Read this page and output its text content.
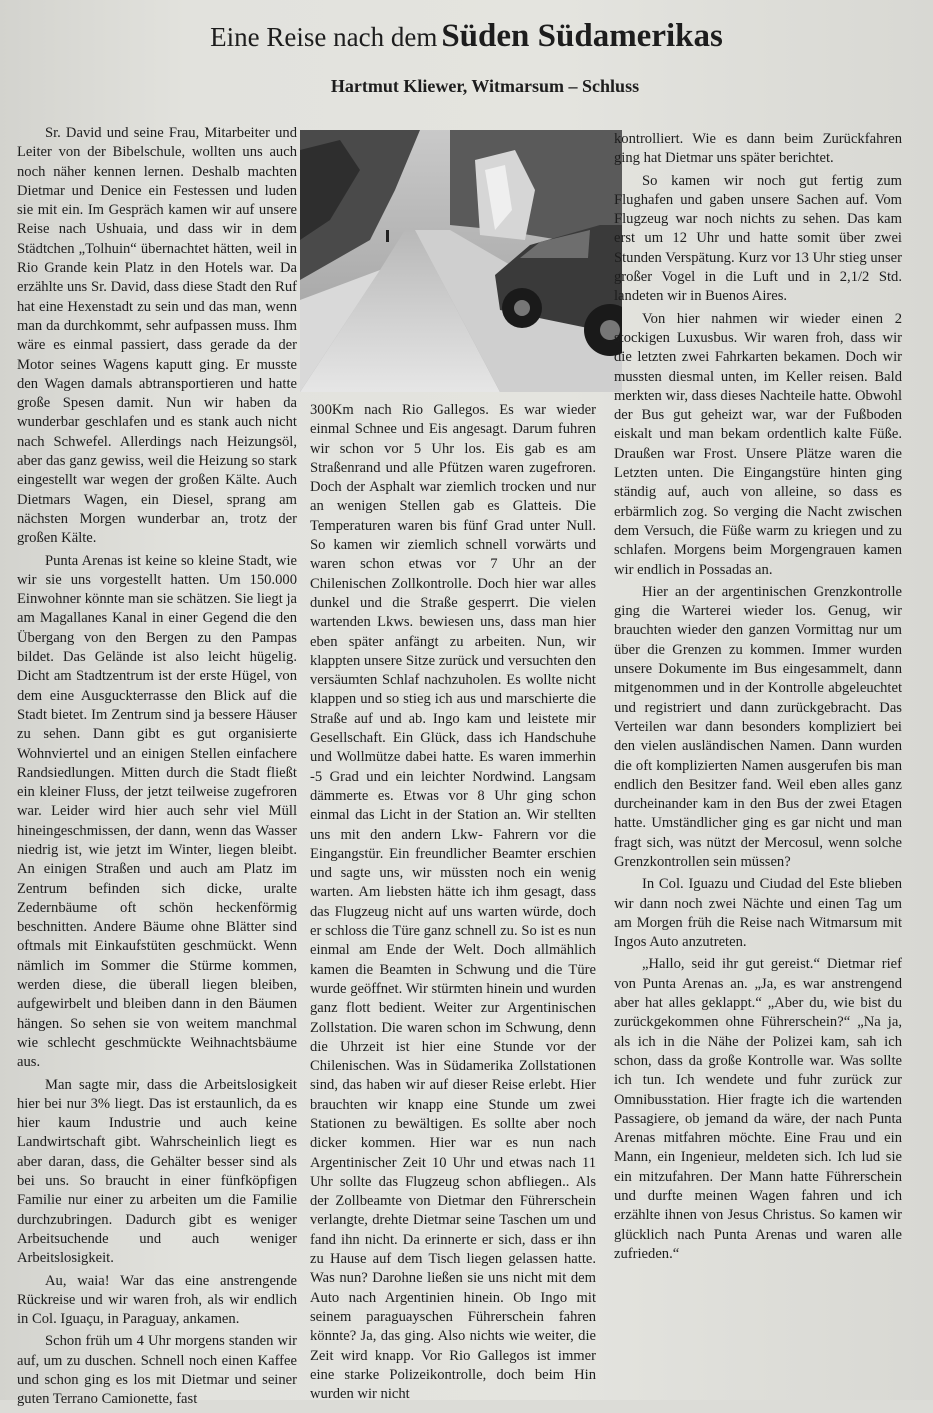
Eine Reise nach dem Süden Südamerikas
Hartmut Kliewer, Witmarsum – Schluss

Sr. David und seine Frau, Mitarbeiter und Leiter von der Bibelschule, wollten uns auch noch näher kennen lernen. Deshalb machten Dietmar und Denice ein Festessen und luden sie mit ein. Im Gespräch kamen wir auf unsere Reise nach Ushuaia, und dass wir in dem Städtchen „Tolhuin“ übernachtet hätten, weil in Rio Grande kein Platz in den Hotels war. Da erzählte uns Sr. David, dass diese Stadt den Ruf hat eine Hexenstadt zu sein und das man, wenn man da durchkommt, sehr aufpassen muss. Ihm wäre es einmal passiert, dass gerade da der Motor seines Wagens kaputt ging. Er musste den Wagen damals abtransportieren und hatte große Spesen damit. Nun wir haben da wunderbar geschlafen und es stank auch nicht nach Schwefel. Allerdings nach Heizungsöl, aber das ganz gewiss, weil die Heizung so stark eingestellt war wegen der großen Kälte. Auch Dietmars Wagen, ein Diesel, sprang am nächsten Morgen wunderbar an, trotz der großen Kälte.

Punta Arenas ist keine so kleine Stadt, wie wir sie uns vorgestellt hatten. Um 150.000 Einwohner könnte man sie schätzen. Sie liegt ja am Magallanes Kanal in einer Gegend die den Übergang von den Bergen zu den Pampas bildet. Das Gelände ist also leicht hügelig. Dicht am Stadtzentrum ist der erste Hügel, von dem eine Ausguckterrasse den Blick auf die Stadt bietet. Im Zentrum sind ja bessere Häuser zu sehen. Dann gibt es gut organisierte Wohnviertel und an einigen Stellen einfachere Randsiedlungen. Mitten durch die Stadt fließt ein kleiner Fluss, der jetzt teilweise zugefroren war. Leider wird hier auch sehr viel Müll hineingeschmissen, der dann, wenn das Wasser niedrig ist, wie jetzt im Winter, liegen bleibt. An einigen Straßen und auch am Platz im Zentrum befinden sich dicke, uralte Zedernbäume oft schön heckenförmig beschnitten. Andere Bäume ohne Blätter sind oftmals mit Einkaufstüten geschmückt. Wenn nämlich im Sommer die Stürme kommen, werden diese, die überall liegen bleiben, aufgewirbelt und bleiben dann in den Bäumen hängen. So sehen sie von weitem manchmal wie schlecht geschmückte Weihnachtsbäume aus.

Man sagte mir, dass die Arbeitslosigkeit hier bei nur 3% liegt. Das ist erstaunlich, da es hier kaum Industrie und auch keine Landwirtschaft gibt. Wahrscheinlich liegt es aber daran, dass, die Gehälter besser sind als bei uns. So braucht in einer fünfköpfigen Familie nur einer zu arbeiten um die Familie durchzubringen. Dadurch gibt es weniger Arbeitsuchende und auch weniger Arbeitslosigkeit.

Au, waia! War das eine anstrengende Rückreise und wir waren froh, als wir endlich in Col. Iguaçu, in Paraguay, ankamen.

Schon früh um 4 Uhr morgens standen wir auf, um zu duschen. Schnell noch einen Kaffee und schon ging es los mit Dietmar und seiner guten Terrano Camionette, fast

300Km nach Rio Gallegos. Es war wieder einmal Schnee und Eis angesagt. Darum fuhren wir schon vor 5 Uhr los. Eis gab es am Straßenrand und alle Pfützen waren zugefroren. Doch der Asphalt war ziemlich trocken und nur an wenigen Stellen gab es Glatteis. Die Temperaturen waren bis fünf Grad unter Null. So kamen wir ziemlich schnell vorwärts und waren schon etwas vor 7 Uhr an der Chilenischen Zollkontrolle. Doch hier war alles dunkel und die Straße gesperrt. Die vielen wartenden Lkws. bewiesen uns, dass man hier eben später anfängt zu arbeiten. Nun, wir klappten unsere Sitze zurück und versuchten den versäumten Schlaf nachzuholen. Es wollte nicht klappen und so stieg ich aus und marschierte die Straße auf und ab. Ingo kam und leistete mir Gesellschaft. Ein Glück, dass ich Handschuhe und Wollmütze dabei hatte. Es waren immerhin -5 Grad und ein leichter Nordwind. Langsam dämmerte es. Etwas vor 8 Uhr ging schon einmal das Licht in der Station an. Wir stellten uns mit den andern Lkw- Fahrern vor die Eingangstür. Ein freundlicher Beamter erschien und sagte uns, wir müssten noch ein wenig warten. Am liebsten hätte ich ihm gesagt, dass das Flugzeug nicht auf uns warten würde, doch er schloss die Türe ganz schnell zu. So ist es nun einmal am Ende der Welt. Doch allmählich kamen die Beamten in Schwung und die Türe wurde geöffnet. Wir stürmten hinein und wurden ganz flott bedient. Weiter zur Argentinischen Zollstation. Die waren schon im Schwung, denn die Uhrzeit ist hier eine Stunde vor der Chilenischen. Was in Südamerika Zollstationen sind, das haben wir auf dieser Reise erlebt. Hier brauchten wir knapp eine Stunde um zwei Stationen zu bewältigen. Es sollte aber noch dicker kommen. Hier war es nun nach Argentinischer Zeit 10 Uhr und etwas nach 11 Uhr sollte das Flugzeug schon abfliegen.. Als der Zollbeamte von Dietmar den Führerschein verlangte, drehte Dietmar seine Taschen um und fand ihn nicht. Da erinnerte er sich, dass er ihn zu Hause auf dem Tisch liegen gelassen hatte. Was nun? Darohne ließen sie uns nicht mit dem Auto nach Argentinien hinein. Ob Ingo mit seinem paraguayschen Führerschein fahren könnte? Ja, das ging. Also nichts wie weiter, die Zeit wird knapp. Vor Rio Gallegos ist immer eine starke Polizeikontrolle, doch beim Hin wurden wir nicht

kontrolliert. Wie es dann beim Zurückfahren ging hat Dietmar uns später berichtet.

So kamen wir noch gut fertig zum Flughafen und gaben unsere Sachen auf. Vom Flugzeug war noch nichts zu sehen. Das kam erst um 12 Uhr und hatte somit über zwei Stunden Verspätung. Kurz vor 13 Uhr stieg unser großer Vogel in die Luft und in 2,1/2 Std. landeten wir in Buenos Aires.

Von hier nahmen wir wieder einen 2 stockigen Luxusbus. Wir waren froh, dass wir die letzten zwei Fahrkarten bekamen. Doch wir mussten diesmal unten, im Keller reisen. Bald merkten wir, dass dieses Nachteile hatte. Obwohl der Bus gut geheizt war, war der Fußboden eiskalt und man bekam ordentlich kalte Füße. Draußen war Frost. Unsere Plätze waren die Letzten unten. Die Eingangstüre hinten ging ständig auf, auch von alleine, so dass es erbärmlich zog. So verging die Nacht zwischen dem Versuch, die Füße warm zu kriegen und zu schlafen. Morgens beim Morgengrauen kamen wir endlich in Possadas an.

Hier an der argentinischen Grenzkontrolle ging die Warterei wieder los. Genug, wir brauchten wieder den ganzen Vormittag nur um über die Grenzen zu kommen. Immer wurden unsere Dokumente im Bus eingesammelt, dann mitgenommen und in der Kontrolle abgeleuchtet und registriert und dann zurückgebracht. Das Verteilen war dann besonders kompliziert bei den vielen ausländischen Namen. Dann wurden die oft komplizierten Namen ausgerufen bis man endlich den Besitzer fand. Weil eben alles ganz durcheinander kam in den Bus der zwei Etagen hatte. Umständlicher ging es gar nicht und man fragt sich, was nützt der Mercosul, wenn solche Grenzkontrollen sein müssen?

In Col. Iguazu und Ciudad del Este blieben wir dann noch zwei Nächte und einen Tag um am Morgen früh die Reise nach Witmarsum mit Ingos Auto anzutreten.

„Hallo, seid ihr gut gereist.“ Dietmar rief von Punta Arenas an. „Ja, es war anstrengend aber hat alles geklappt.“ „Aber du, wie bist du zurückgekommen ohne Führerschein?“ „Na ja, als ich in die Nähe der Polizei kam, sah ich schon, dass da große Kontrolle war. Was sollte ich tun. Ich wendete und fuhr zurück zur Omnibusstation. Hier fragte ich die wartenden Passagiere, ob jemand da wäre, der nach Punta Arenas mitfahren möchte. Eine Frau und ein Mann, ein Ingenieur, meldeten sich. Ich lud sie ein mitzufahren. Der Mann hatte Führerschein und durfte meinen Wagen fahren und ich erzählte ihnen von Jesus Christus. So kamen wir glücklich nach Punta Arenas und waren alle zufrieden.“
